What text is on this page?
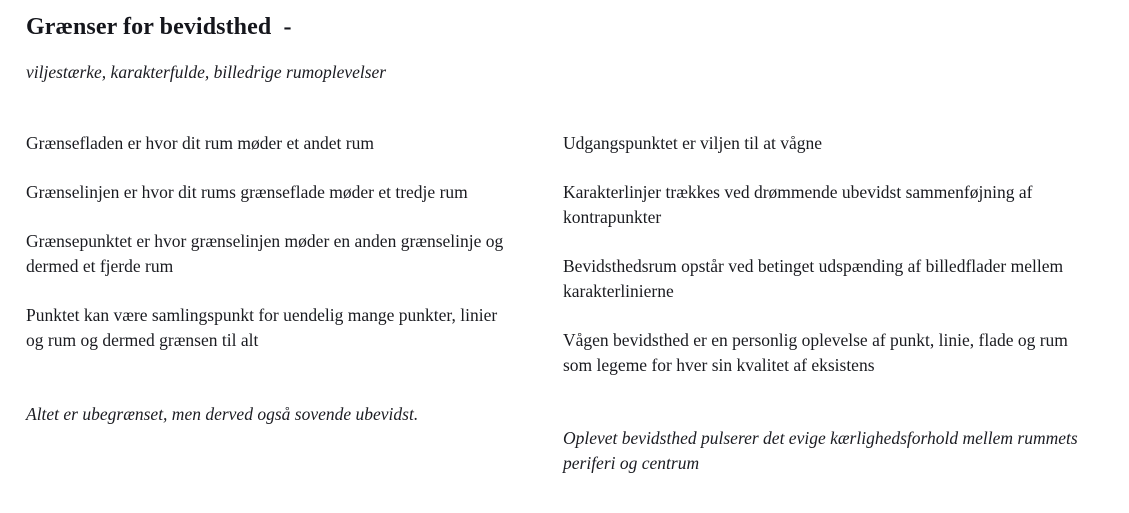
Grænser for bevidsthed  -

viljestærke, karakterfulde, billedrige rumoplevelser

Grænsefladen er hvor dit rum møder et andet rum

Grænselinjen er hvor dit rums grænseflade møder et tredje rum

Grænsepunktet er hvor grænselinjen møder en anden grænselinje og dermed et fjerde rum

Punktet kan være samlingspunkt for uendelig mange punkter, linier og rum og dermed grænsen til alt

Altet er ubegrænset, men derved også sovende ubevidst.

Udgangspunktet er viljen til at vågne

Karakterlinjer trækkes ved drømmende ubevidst sammenføjning af kontrapunkter

Bevidsthedsrum opstår ved betinget udspænding af billedflader mellem karakterlinierne

Vågen bevidsthed er en personlig oplevelse af punkt, linie, flade og rum som legeme for hver sin kvalitet af eksistens

Oplevet bevidsthed pulserer det evige kærlighedsforhold mellem rummets periferi og centrum
